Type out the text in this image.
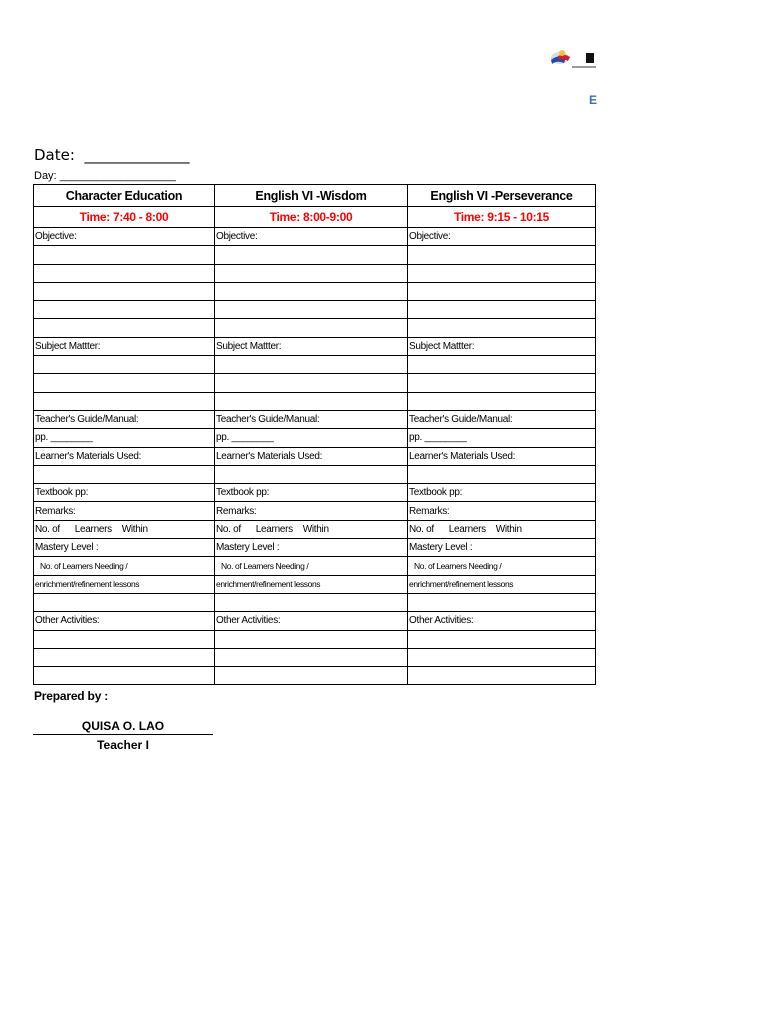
E
Date: ______________
Day: ___________________
Character Education	English VI -Wisdom	English VI -Perseverance
Time: 7:40 - 8:00	Time: 8:00-9:00	Time: 9:15 - 10:15
Objective:	Objective:	Objective:

Subject Mattter:	Subject Mattter:	Subject Mattter:

Teacher's Guide/Manual:	Teacher's Guide/Manual:	Teacher's Guide/Manual:
pp. ________	pp. ________	pp. ________
Learner's Materials Used:	Learner's Materials Used:	Learner's Materials Used:

Textbook pp:	Textbook pp:	Textbook pp:
Remarks:	Remarks:	Remarks:
No. of      Learners    Within	No. of      Learners    Within	No. of      Learners    Within
Mastery Level :	Mastery Level :	Mastery Level :
No. of Learners Needing /	No. of Learners Needing /	No. of Learners Needing /
enrichment/refinement lessons	enrichment/refinement lessons	enrichment/refinement lessons

Other Activities:	Other Activities:	Other Activities:

Prepared by :
QUISA O. LAO
Teacher I
